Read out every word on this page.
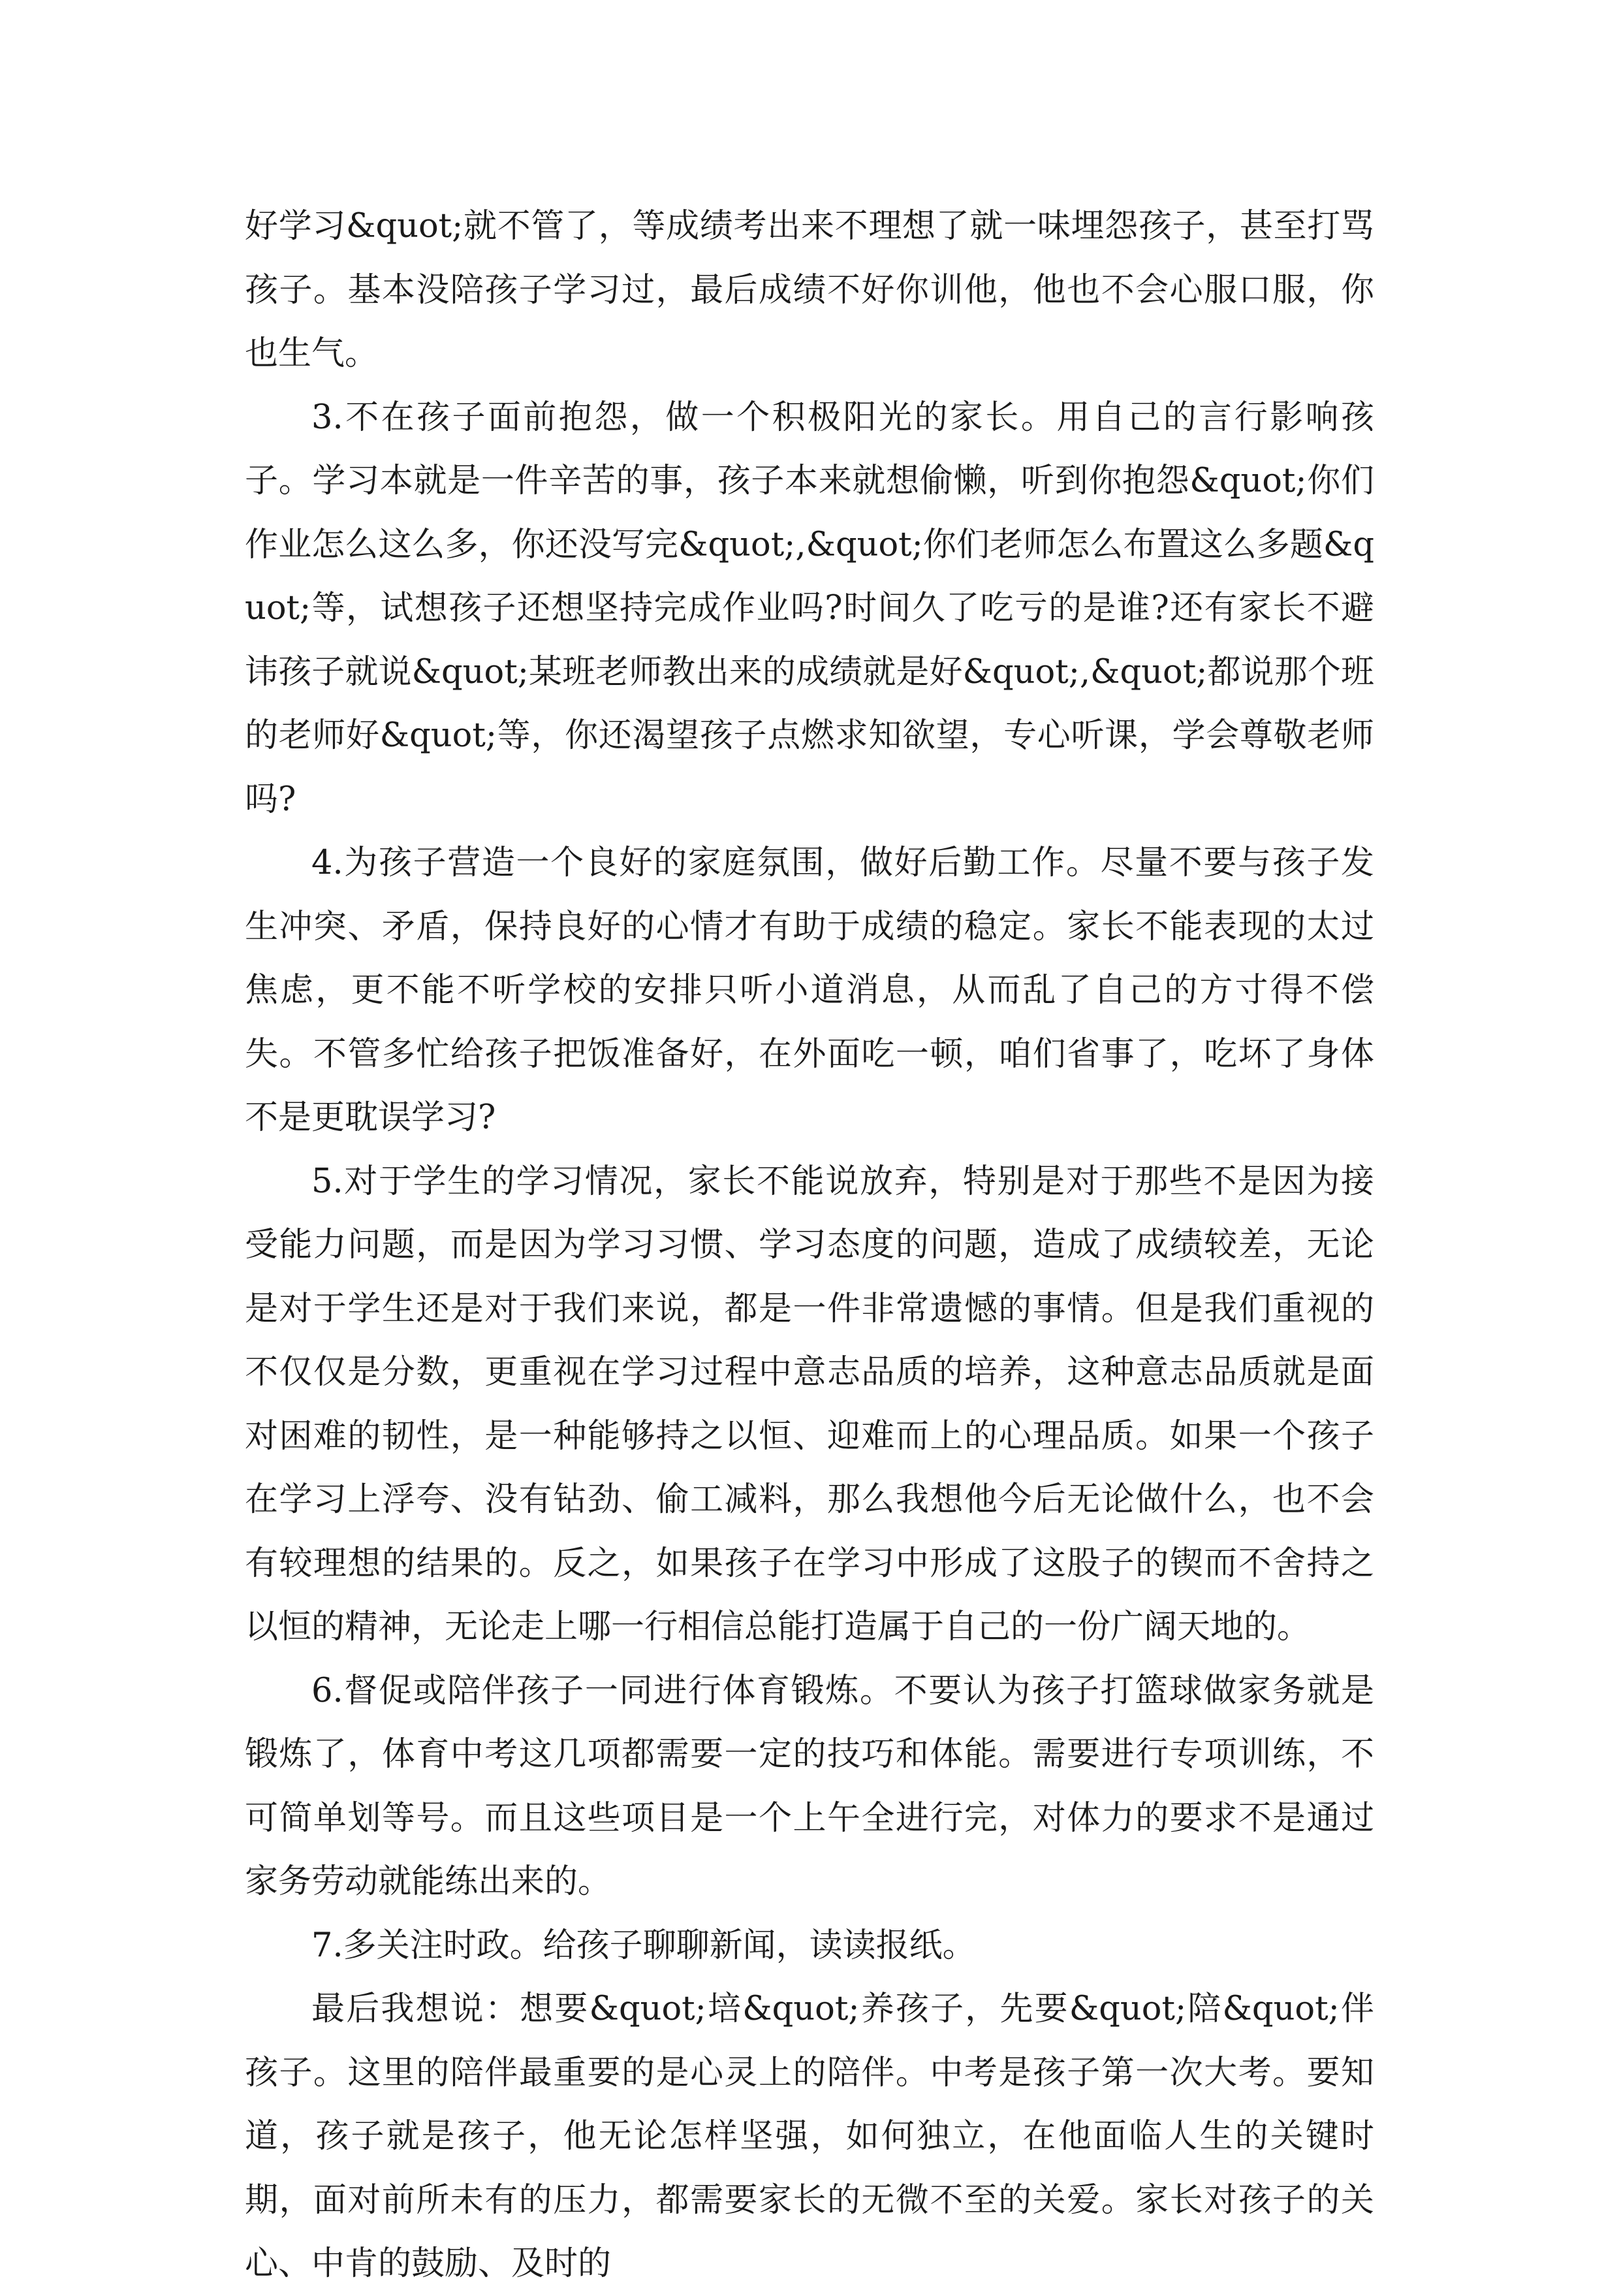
好学习&quot;就不管了，等成绩考出来不理想了就一味埋怨孩子，甚至打骂孩子。基本没陪孩子学习过，最后成绩不好你训他，他也不会心服口服，你也生气。

3.不在孩子面前抱怨，做一个积极阳光的家长。用自己的言行影响孩子。学习本就是一件辛苦的事，孩子本来就想偷懒，听到你抱怨&quot;你们作业怎么这么多，你还没写完&quot;,&quot;你们老师怎么布置这么多题&quot;等，试想孩子还想坚持完成作业吗?时间久了吃亏的是谁?还有家长不避讳孩子就说&quot;某班老师教出来的成绩就是好&quot;,&quot;都说那个班的老师好&quot;等，你还渴望孩子点燃求知欲望，专心听课，学会尊敬老师吗?

4.为孩子营造一个良好的家庭氛围，做好后勤工作。尽量不要与孩子发生冲突、矛盾，保持良好的心情才有助于成绩的稳定。家长不能表现的太过焦虑，更不能不听学校的安排只听小道消息，从而乱了自己的方寸得不偿失。不管多忙给孩子把饭准备好，在外面吃一顿，咱们省事了，吃坏了身体不是更耽误学习?

5.对于学生的学习情况，家长不能说放弃，特别是对于那些不是因为接受能力问题，而是因为学习习惯、学习态度的问题，造成了成绩较差，无论是对于学生还是对于我们来说，都是一件非常遗憾的事情。但是我们重视的不仅仅是分数，更重视在学习过程中意志品质的培养，这种意志品质就是面对困难的韧性，是一种能够持之以恒、迎难而上的心理品质。如果一个孩子在学习上浮夸、没有钻劲、偷工减料，那么我想他今后无论做什么，也不会有较理想的结果的。反之，如果孩子在学习中形成了这股子的锲而不舍持之以恒的精神，无论走上哪一行相信总能打造属于自己的一份广阔天地的。

6.督促或陪伴孩子一同进行体育锻炼。不要认为孩子打篮球做家务就是锻炼了，体育中考这几项都需要一定的技巧和体能。需要进行专项训练，不可简单划等号。而且这些项目是一个上午全进行完，对体力的要求不是通过家务劳动就能练出来的。

7.多关注时政。给孩子聊聊新闻，读读报纸。

最后我想说：想要&quot;培&quot;养孩子，先要&quot;陪&quot;伴孩子。这里的陪伴最重要的是心灵上的陪伴。中考是孩子第一次大考。要知道，孩子就是孩子，他无论怎样坚强，如何独立，在他面临人生的关键时期，面对前所未有的压力，都需要家长的无微不至的关爱。家长对孩子的关心、中肯的鼓励、及时的
